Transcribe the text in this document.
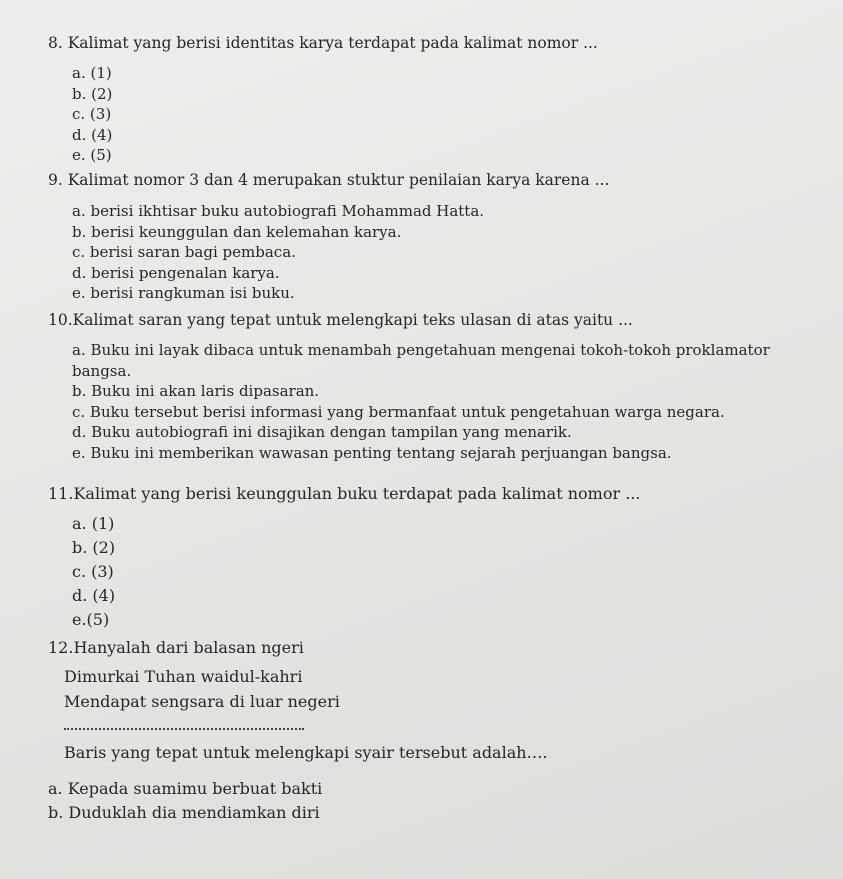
8. Kalimat yang berisi identitas karya terdapat pada kalimat nomor ...
a. (1)
b. (2)
c. (3)
d. (4)
e. (5)
9. Kalimat nomor 3 dan 4 merupakan stuktur penilaian karya karena ...
a. berisi ikhtisar buku autobiografi Mohammad Hatta.
b. berisi keunggulan dan kelemahan karya.
c. berisi saran bagi pembaca.
d. berisi pengenalan karya.
e. berisi rangkuman isi buku.
10.Kalimat saran yang tepat untuk melengkapi teks ulasan di atas yaitu ...
a. Buku ini layak dibaca untuk menambah pengetahuan mengenai tokoh-tokoh proklamator bangsa.
b. Buku ini akan laris dipasaran.
c. Buku tersebut berisi informasi yang bermanfaat untuk pengetahuan warga negara.
d. Buku autobiografi ini disajikan dengan tampilan yang menarik.
e. Buku ini memberikan wawasan penting tentang sejarah perjuangan bangsa.
11.Kalimat yang berisi keunggulan buku terdapat pada kalimat nomor ...
a. (1)
b. (2)
c. (3)
d. (4)
e.(5)
12.Hanyalah dari balasan ngeri
Dimurkai Tuhan waidul-kahri
Mendapat sengsara di luar negeri
Baris yang tepat untuk melengkapi syair tersebut adalah….
a. Kepada suamimu berbuat bakti
b. Duduklah dia mendiamkan diri
